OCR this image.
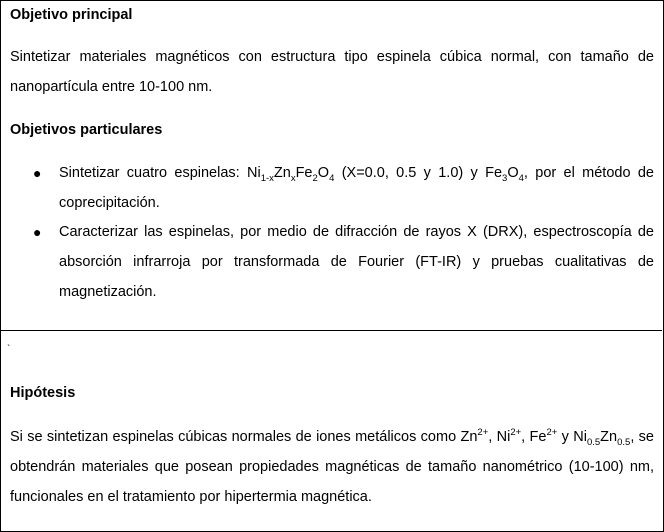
Objetivo principal
Sintetizar materiales magnéticos con estructura tipo espinela cúbica normal, con tamaño de
nanopartícula entre 10-100 nm.
Objetivos particulares
● Sintetizar cuatro espinelas: $Ni_{1-x}Zn_xFe_2O_4$ (X=0.0, 0.5 y 1.0) y $Fe_3O_4$, por el método de
coprecipitación.
● Caracterizar las espinelas, por medio de difracción de rayos X (DRX), espectroscopía de
absorción infrarroja por transformada de Fourier (FT-IR) y pruebas cualitativas de
magnetización.
`
Hipótesis
Si se sintetizan espinelas cúbicas normales de iones metálicos como $Zn^{2+}$, $Ni^{2+}$, $Fe^{2+}$ y $Ni_{0.5}Zn_{0.5}$, se
obtendrán materiales que posean propiedades magnéticas de tamaño nanométrico (10-100) nm,
funcionales en el tratamiento por hipertermia magnética.
